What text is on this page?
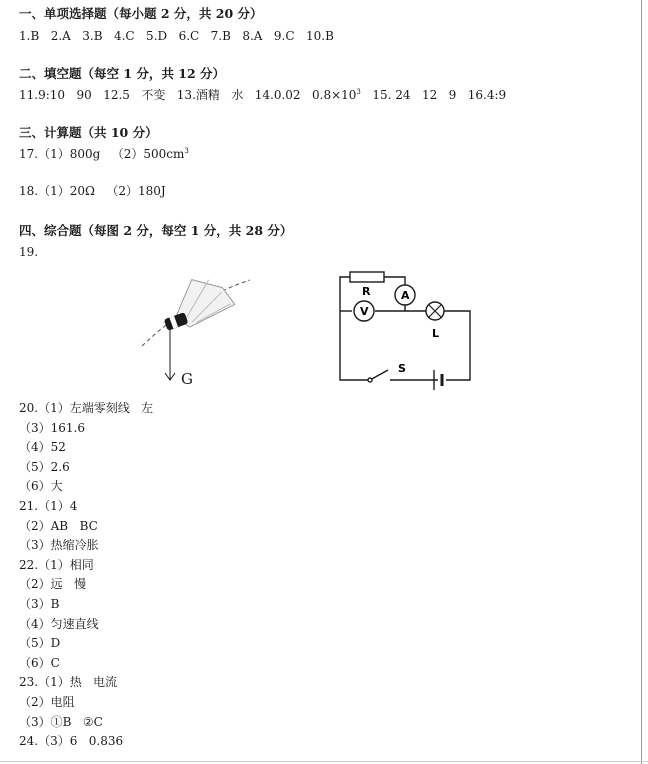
一、单项选择题（每小题 2 分，共 20 分）
1.B   2.A   3.B   4.C   5.D   6.C   7.B   8.A   9.C   10.B
二、填空题（每空 1 分，共 12 分）
11.9:10   90   12.5   不变   13.酒精   水   14.0.02   $0.8\times 10^3$   15. 24   12   9   16.4:9
三、计算题（共 10 分）
17.（1）800g   $(2)500cm^3$
18.（1）20Ω   （2）180J
四、综合题（每图 2 分，每空 1 分，共 28 分）
19.
G
R	A
V
L
S
20.（1）左端零刻线   左
（3）161.6
（4）52
（5）2.6
（6）大
21.（1）4
（2）AB   BC
（3）热缩冷胀
22.（1）相同
（2）远   慢
（3）B
（4）匀速直线
（5）D
（6）C
23.（1）热   电流
（2）电阻
（3）①B   ②C
24.（3）6   0.836
